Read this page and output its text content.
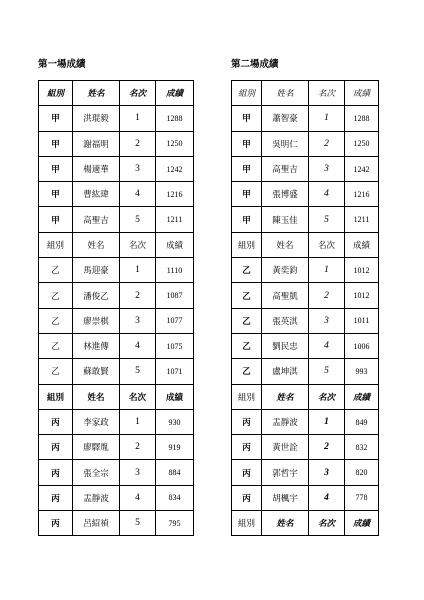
第一場成績
組別	姓名	名次	成績
甲	洪琨毅	1	1288
甲	謝福明	2	1250
甲	楊適華	3	1242
甲	曹紘瑋	4	1216
甲	高聖吉	5	1211
組別	姓名	名次	成績
乙	馬迎豪	1	1110
乙	潘俊乙	2	1087
乙	廖崇棋	3	1077
乙	林進傳	4	1075
乙	蘇敢賢	5	1071
組別	姓名	名次	成績
丙	李家政	1	930
丙	廖驛胤	2	919
丙	張全宗	3	884
丙	盂靜波	4	834
丙	呂紹禎	5	795
第二場成績
組別	姓名	名次	成績
甲	蕭智豪	1	1288
甲	吳明仁	2	1250
甲	高聖吉	3	1242
甲	張博盛	4	1216
甲	陳玉佳	5	1211
組別	姓名	名次	成績
乙	黃奕鈞	1	1012
乙	高聖凱	2	1012
乙	張英淇	3	1011
乙	劉民忠	4	1006
乙	盧坤淇	5	993
組別	姓名	名次	成績
丙	盂靜波	1	849
丙	黃世詮	2	832
丙	郭哲宇	3	820
丙	胡楓宇	4	778
組別	姓名	名次	成績
